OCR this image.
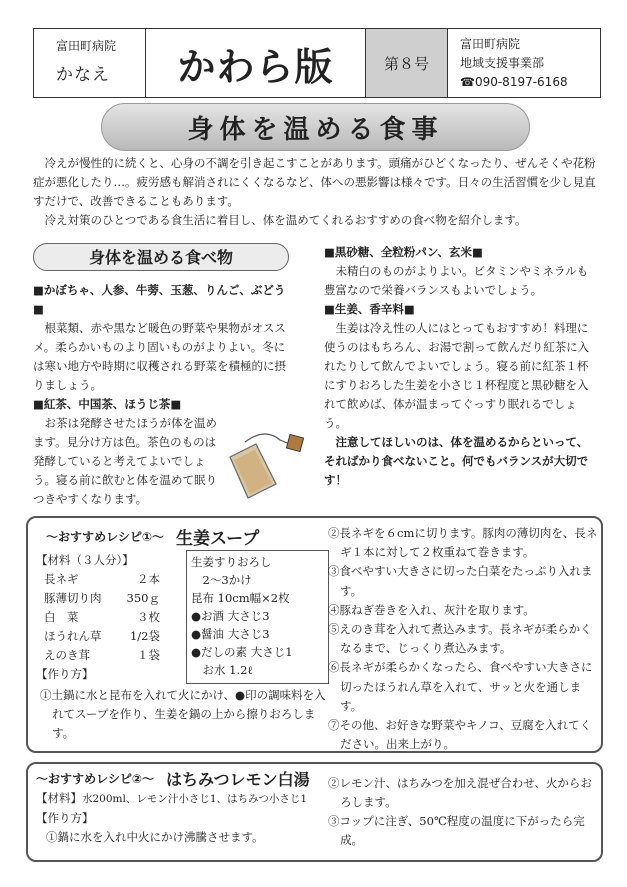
富田町病院
かなえ	かわら版	第８号
富田町病院
地域支援事業部
☎090-8197-6168
身体を温める食事

冷えが慢性的に続くと、心身の不調を引き起こすことがあります。頭痛がひどくなったり、ぜんそくや花粉症が悪化したり…。疲労感も解消されにくくなるなど、体への悪影響は様々です。日々の生活習慣を少し見直すだけで、改善できることもあります。

冷え対策のひとつである食生活に着目し、体を温めてくれるおすすめの食べ物を紹介します。

身体を温める食べ物
■かぼちゃ、人参、牛蒡、玉葱、りんご、ぶどう■
根菜類、赤や黒など暖色の野菜や果物がオススメ。柔らかいものより固いものがよりよい。冬には寒い地方や時期に収穫される野菜を積極的に摂りましょう。
■紅茶、中国茶、ほうじ茶■
お茶は発酵させたほうが体を温めます。見分け方は色。茶色のものは発酵していると考えてよいでしょう。寝る前に飲むと体を温めて眠りつきやすくなります。
■黒砂糖、全粒粉パン、玄米■
未精白のものがよりよい。ビタミンやミネラルも豊富なので栄養バランスもよいでしょう。
■生姜、香辛料■
生姜は冷え性の人にはとってもおすすめ！料理に使うのはもちろん、お湯で割って飲んだり紅茶に入れたりして飲んでよいでしょう。寝る前に紅茶１杯にすりおろした生姜を小さじ１杯程度と黒砂糖を入れて飲めば、体が温まってぐっすり眠れるでしょう。
注意してほしいのは、体を温めるからといって、そればかり食べないこと。何でもバランスが大切です！
～おすすめレシピ①～ 生姜スープ
【材料（３人分）】
長ネギ	２本
豚薄切り肉	350ｇ
白　菜	３枚
ほうれん草	1/2袋
えのき茸	１袋
【作り方】
生姜すりおろし
　2～3かけ
昆布 10cm幅×2枚
●お酒 大さじ3
●醤油 大さじ3
●だしの素 大さじ1
　お水 1.2ℓ
①土鍋に水と昆布を入れて火にかけ、●印の調味料を入れてスープを作り、生姜を鍋の上から擦りおろします。
②長ネギを６cmに切ります。豚肉の薄切肉を、長ネギ１本に対して２枚重ねて巻きます。
③食べやすい大きさに切った白菜をたっぷり入れます。
④豚ねぎ巻きを入れ、灰汁を取ります。
⑤えのき茸を入れて煮込みます。長ネギが柔らかくなるまで、じっくり煮込みます。
⑥長ネギが柔らかくなったら、食べやすい大きさに切ったほうれん草を入れて、サッと火を通します。
⑦その他、お好きな野菜やキノコ、豆腐を入れてください。出来上がり。
～おすすめレシピ②～ はちみつレモン白湯
【材料】水200ml、レモン汁小さじ1、はちみつ小さじ1
【作り方】
①鍋に水を入れ中火にかけ沸騰させます。
②レモン汁、はちみつを加え混ぜ合わせ、火からおろします。
③コップに注ぎ、50℃程度の温度に下がったら完成。
